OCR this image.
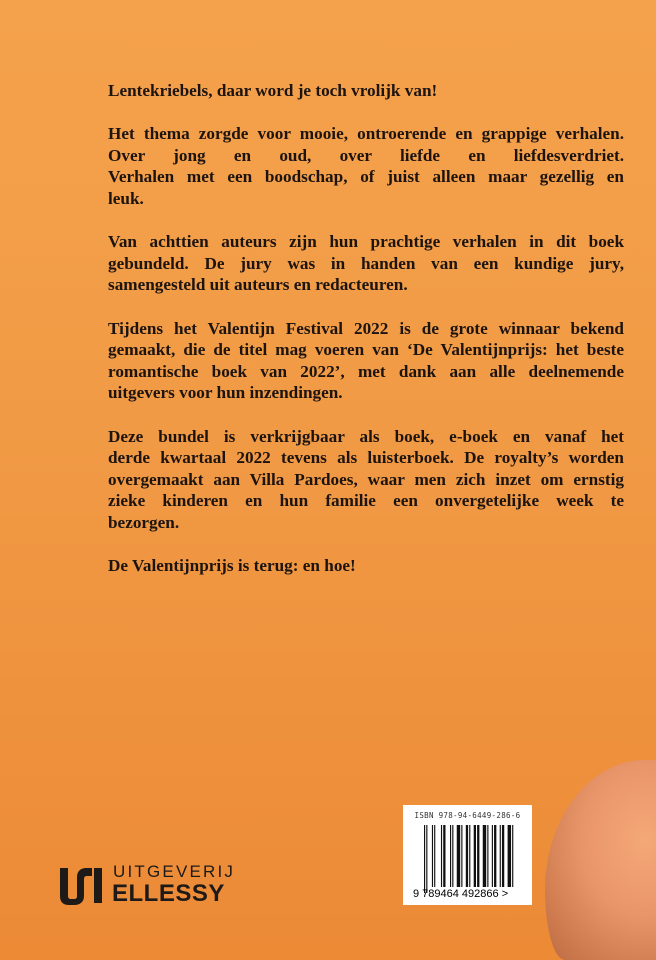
Lentekriebels, daar word je toch vrolijk van!
Het thema zorgde voor mooie, ontroerende en grappige verhalen.
Over jong en oud, over liefde en liefdesverdriet.
Verhalen met een boodschap, of juist alleen maar gezellig en
leuk.
Van achttien auteurs zijn hun prachtige verhalen in dit boek
gebundeld. De jury was in handen van een kundige jury,
samengesteld uit auteurs en redacteuren.
Tijdens het Valentijn Festival 2022 is de grote winnaar bekend
gemaakt, die de titel mag voeren van ‘De Valentijnprijs: het beste
romantische boek van 2022’, met dank aan alle deelnemende
uitgevers voor hun inzendingen.
Deze bundel is verkrijgbaar als boek, e-boek en vanaf het
derde kwartaal 2022 tevens als luisterboek. De royalty’s worden
overgemaakt aan Villa Pardoes, waar men zich inzet om ernstig
zieke kinderen en hun familie een onvergetelijke week te
bezorgen.
De Valentijnprijs is terug: en hoe!
ISBN 978-94-6449-286-6
9 789464 492866 >
UITGEVERIJ
ELLESSY
